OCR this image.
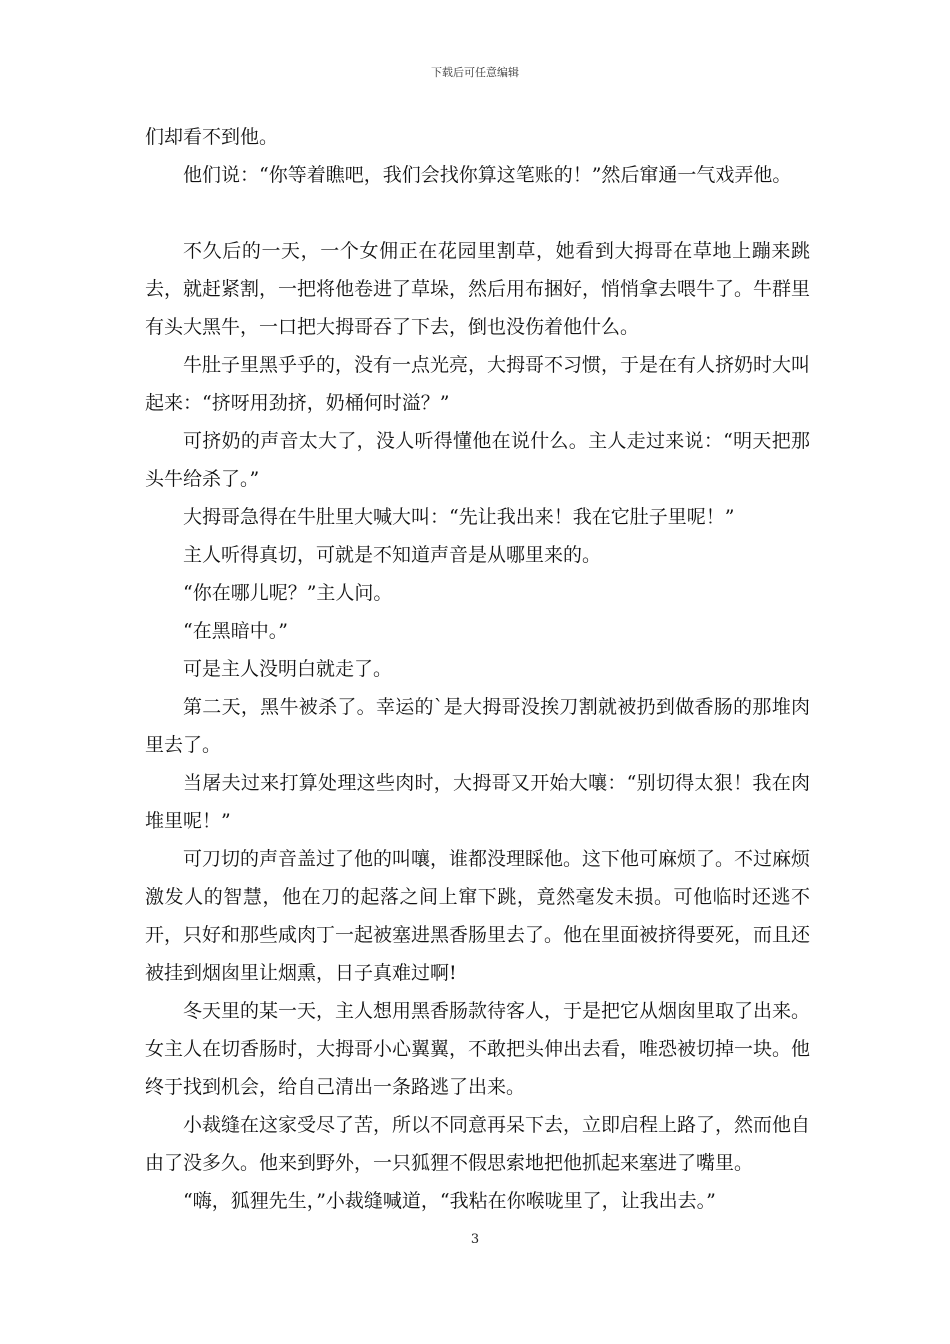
下载后可任意编辑

们却看不到他。

他们说：“你等着瞧吧，我们会找你算这笔账的！”然后窜通一气戏弄他。

不久后的一天，一个女佣正在花园里割草，她看到大拇哥在草地上蹦来跳去，就赶紧割，一把将他卷进了草垛，然后用布捆好，悄悄拿去喂牛了。牛群里有头大黑牛，一口把大拇哥吞了下去，倒也没伤着他什么。

牛肚子里黑乎乎的，没有一点光亮，大拇哥不习惯，于是在有人挤奶时大叫起来：“挤呀用劲挤，奶桶何时溢？”

可挤奶的声音太大了，没人听得懂他在说什么。主人走过来说：“明天把那头牛给杀了。”

大拇哥急得在牛肚里大喊大叫：“先让我出来！我在它肚子里呢！”

主人听得真切，可就是不知道声音是从哪里来的。

“你在哪儿呢？”主人问。

“在黑暗中。”

可是主人没明白就走了。

第二天，黑牛被杀了。幸运的`是大拇哥没挨刀割就被扔到做香肠的那堆肉里去了。

当屠夫过来打算处理这些肉时，大拇哥又开始大嚷：“别切得太狠！我在肉堆里呢！”

可刀切的声音盖过了他的叫嚷，谁都没理睬他。这下他可麻烦了。不过麻烦激发人的智慧，他在刀的起落之间上窜下跳，竟然毫发未损。可他临时还逃不开，只好和那些咸肉丁一起被塞进黑香肠里去了。他在里面被挤得要死，而且还被挂到烟囱里让烟熏，日子真难过啊!

冬天里的某一天，主人想用黑香肠款待客人，于是把它从烟囱里取了出来。女主人在切香肠时，大拇哥小心翼翼，不敢把头伸出去看，唯恐被切掉一块。他终于找到机会，给自己清出一条路逃了出来。

小裁缝在这家受尽了苦，所以不同意再呆下去，立即启程上路了，然而他自由了没多久。他来到野外，一只狐狸不假思索地把他抓起来塞进了嘴里。

“嗨，狐狸先生，”小裁缝喊道，“我粘在你喉咙里了，让我出去。”

3
